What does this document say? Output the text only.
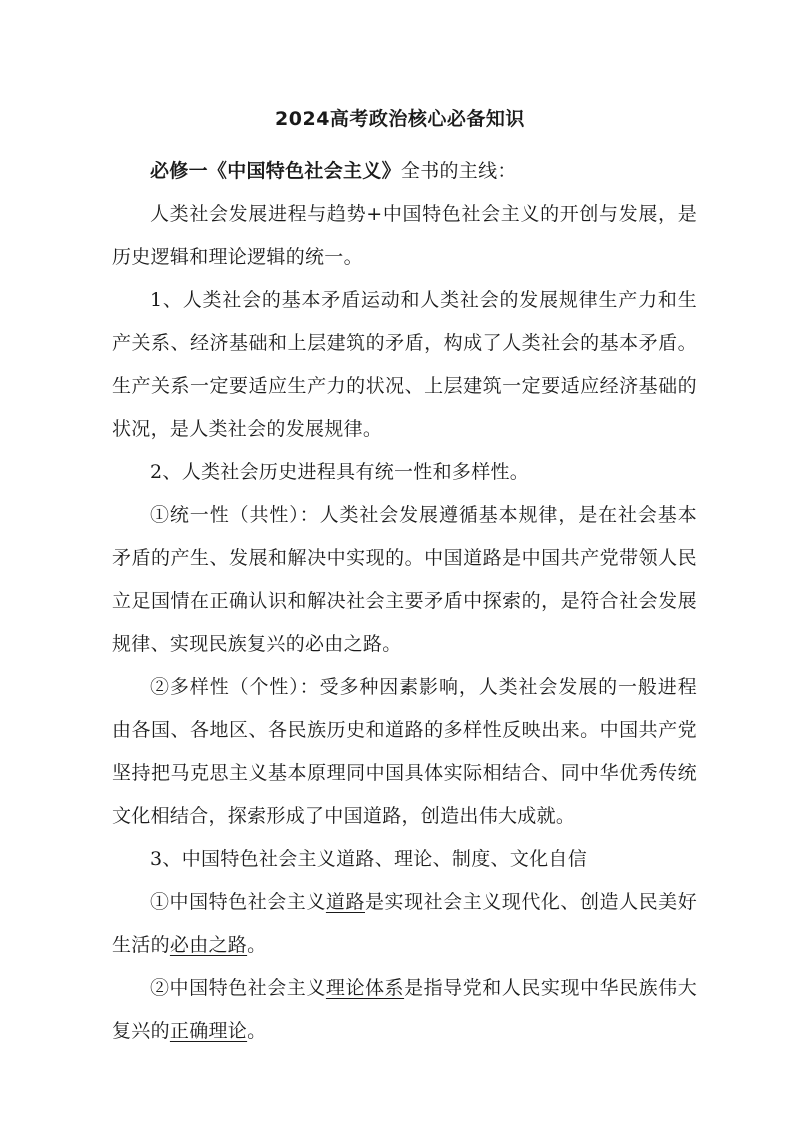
2024高考政治核心必备知识

必修一《中国特色社会主义》全书的主线：

人类社会发展进程与趋势+中国特色社会主义的开创与发展，是历史逻辑和理论逻辑的统一。

1、人类社会的基本矛盾运动和人类社会的发展规律生产力和生产关系、经济基础和上层建筑的矛盾，构成了人类社会的基本矛盾。生产关系一定要适应生产力的状况、上层建筑一定要适应经济基础的状况，是人类社会的发展规律。

2、人类社会历史进程具有统一性和多样性。

①统一性（共性）：人类社会发展遵循基本规律，是在社会基本矛盾的产生、发展和解决中实现的。中国道路是中国共产党带领人民立足国情在正确认识和解决社会主要矛盾中探索的，是符合社会发展规律、实现民族复兴的必由之路。

②多样性（个性）：受多种因素影响，人类社会发展的一般进程由各国、各地区、各民族历史和道路的多样性反映出来。中国共产党坚持把马克思主义基本原理同中国具体实际相结合、同中华优秀传统文化相结合，探索形成了中国道路，创造出伟大成就。

3、中国特色社会主义道路、理论、制度、文化自信

①中国特色社会主义道路是实现社会主义现代化、创造人民美好生活的必由之路。

②中国特色社会主义理论体系是指导党和人民实现中华民族伟大复兴的正确理论。
